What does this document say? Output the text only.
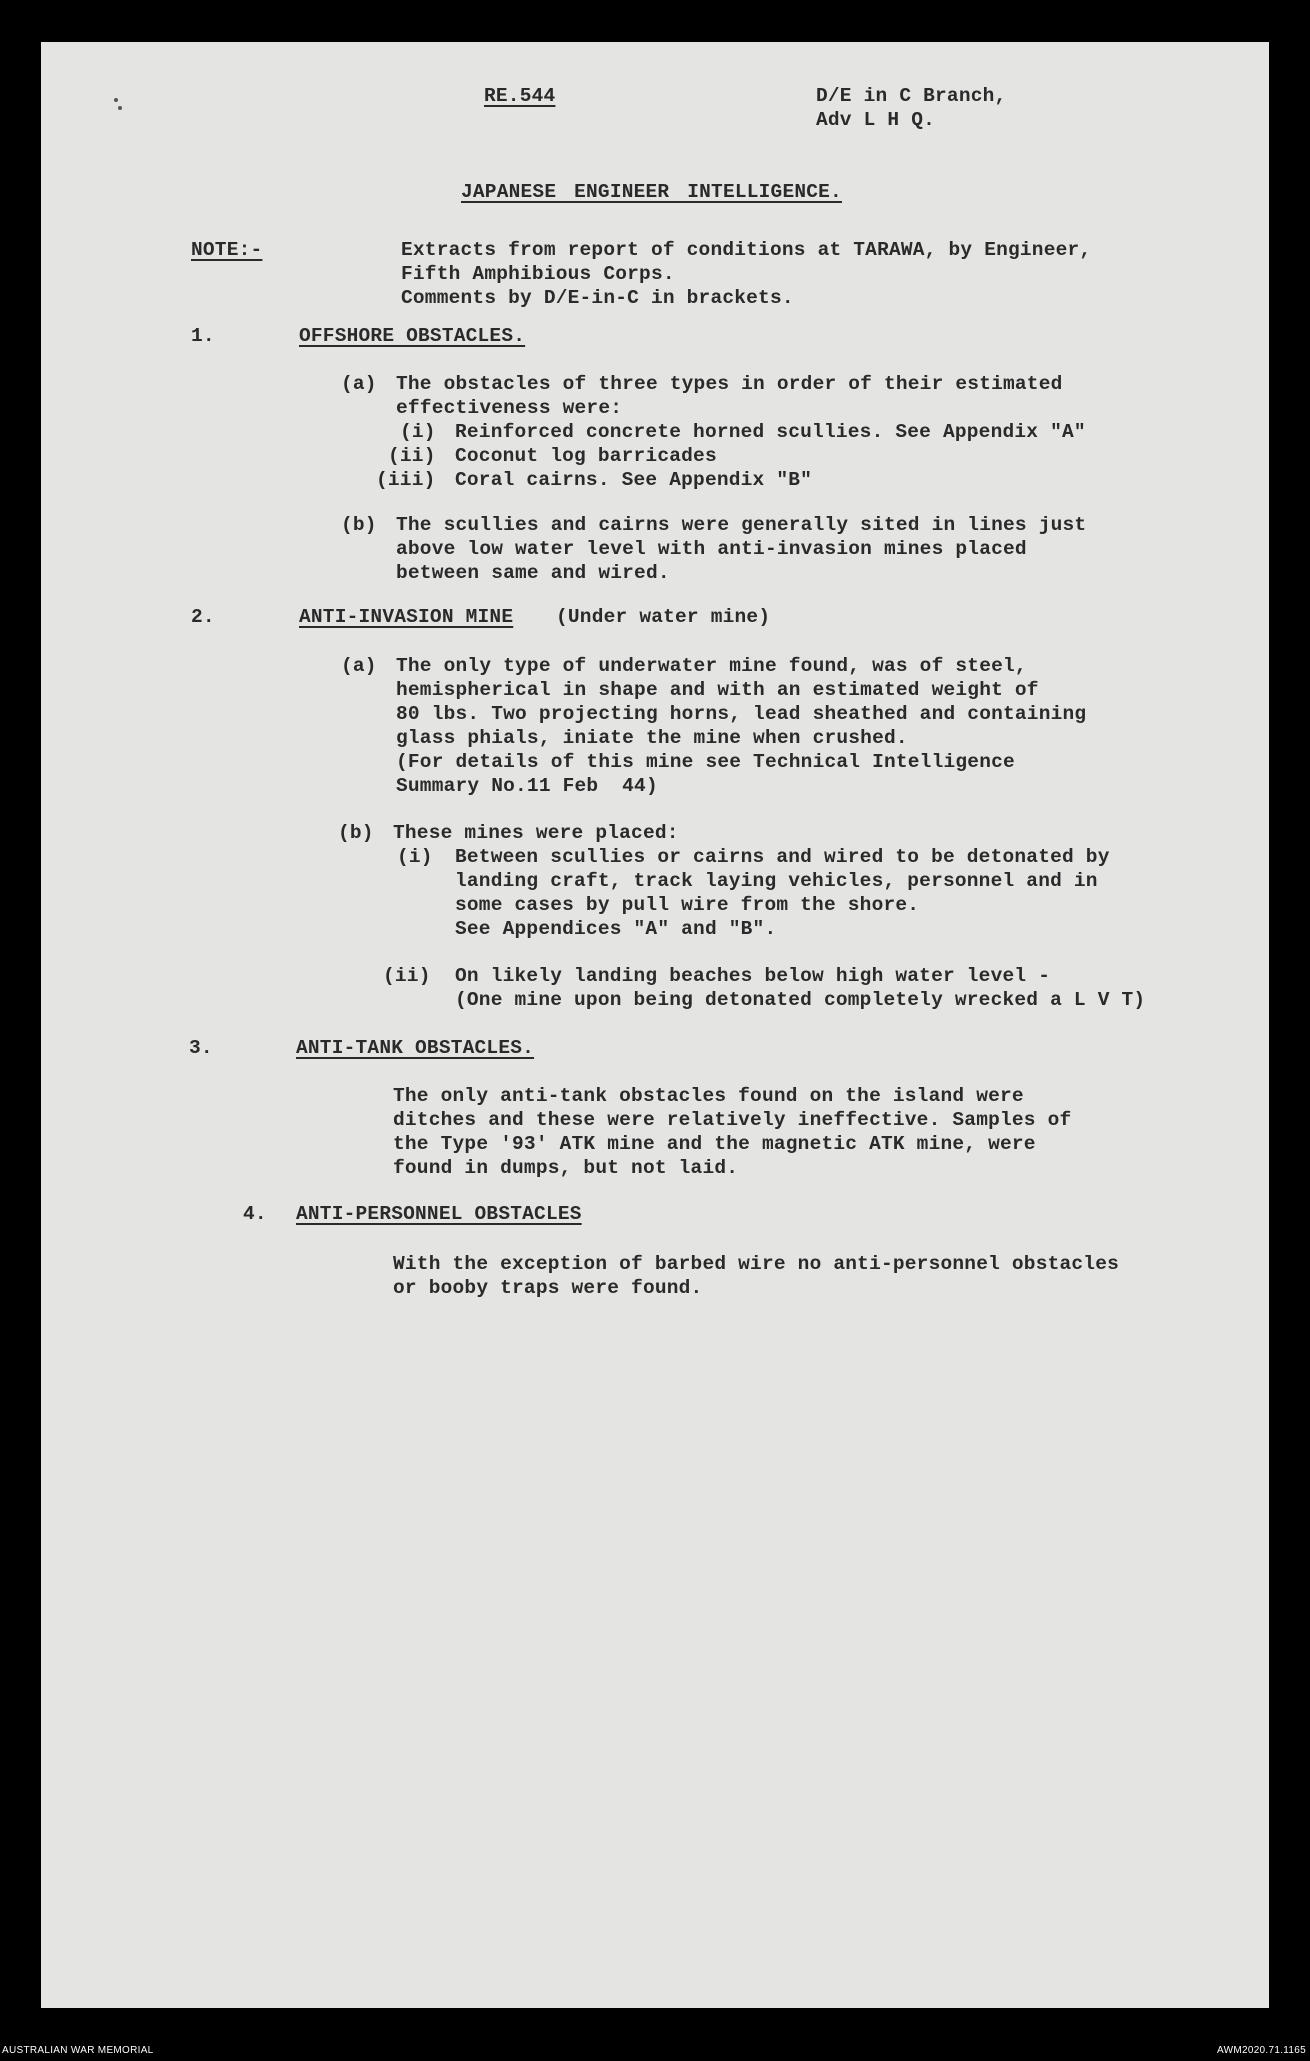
RE.544	D/E in C Branch,
Adv L H Q.
JAPANESE ENGINEER INTELLIGENCE.
NOTE:-	Extracts from report of conditions at TARAWA, by Engineer,
Fifth Amphibious Corps.
Comments by D/E-in-C in brackets.
1.	OFFSHORE OBSTACLES.
(a) The obstacles of three types in order of their estimated
effectiveness were:
(i) Reinforced concrete horned scullies. See Appendix "A"
(ii) Coconut log barricades
(iii) Coral cairns. See Appendix "B"
(b) The scullies and cairns were generally sited in lines just
above low water level with anti-invasion mines placed
between same and wired.
2.	ANTI-INVASION MINE (Under water mine)
(a) The only type of underwater mine found, was of steel,
hemispherical in shape and with an estimated weight of
80 lbs. Two projecting horns, lead sheathed and containing
glass phials, iniate the mine when crushed.
(For details of this mine see Technical Intelligence
Summary No.11 Feb  44)
(b) These mines were placed:
(i) Between scullies or cairns and wired to be detonated by
landing craft, track laying vehicles, personnel and in
some cases by pull wire from the shore.
See Appendices "A" and "B".
(ii) On likely landing beaches below high water level -
(One mine upon being detonated completely wrecked a L V T)
3.	ANTI-TANK OBSTACLES.
The only anti-tank obstacles found on the island were
ditches and these were relatively ineffective. Samples of
the Type '93' ATK mine and the magnetic ATK mine, were
found in dumps, but not laid.
4. ANTI-PERSONNEL OBSTACLES
With the exception of barbed wire no anti-personnel obstacles
or booby traps were found.
AUSTRALIAN WAR MEMORIAL	AWM2020.71.1165
